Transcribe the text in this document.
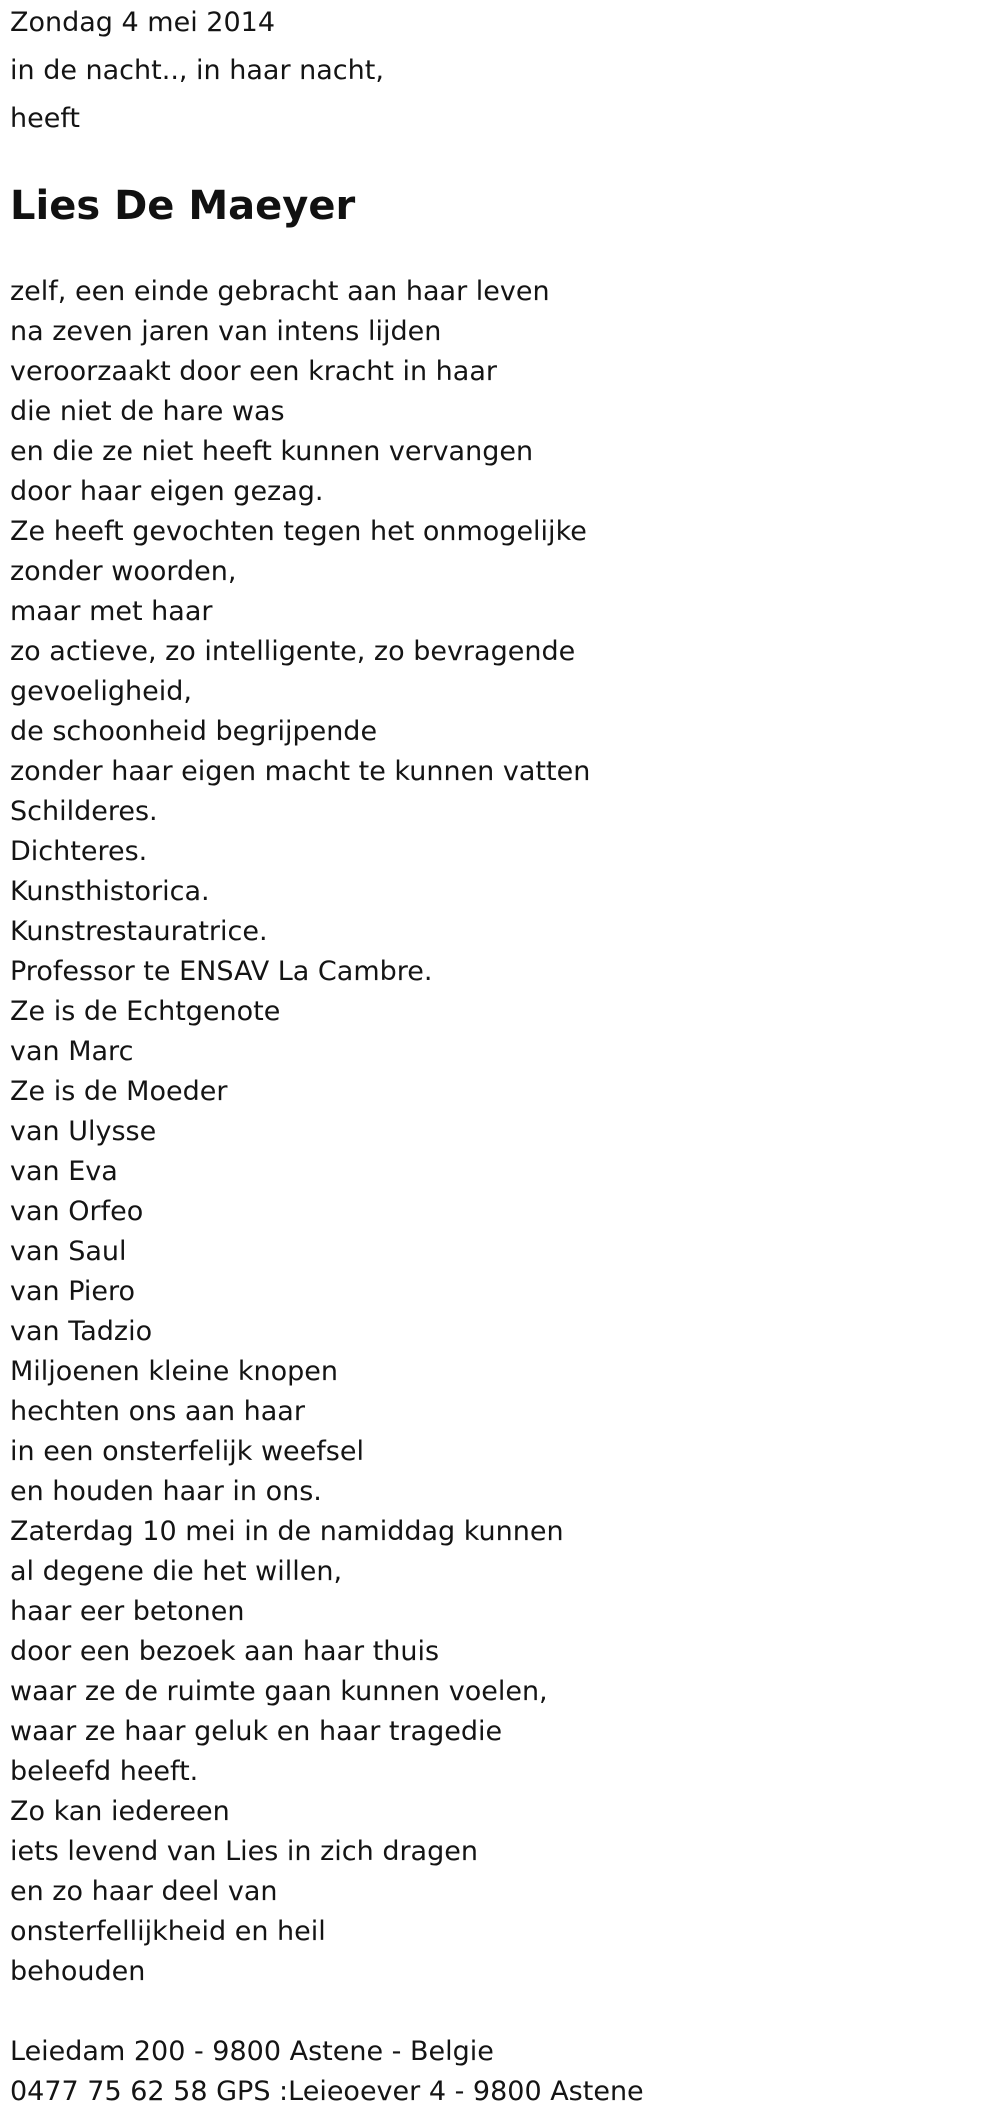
Zondag 4 mei 2014
in de nacht.., in haar nacht,
heeft
Lies De Maeyer
zelf, een einde gebracht aan haar leven
na zeven jaren van intens lijden
veroorzaakt door een kracht in haar
die niet de hare was
en die ze niet heeft kunnen vervangen
door haar eigen gezag.
Ze heeft gevochten tegen het onmogelijke
zonder woorden,
maar met haar
zo actieve, zo intelligente, zo bevragende
gevoeligheid,
de schoonheid begrijpende
zonder haar eigen macht te kunnen vatten
Schilderes.
Dichteres.
Kunsthistorica.
Kunstrestauratrice.
Professor te ENSAV La Cambre.
Ze is de Echtgenote
van Marc
Ze is de Moeder
van Ulysse
van Eva
van Orfeo
van Saul
van Piero
van Tadzio
Miljoenen kleine knopen
hechten ons aan haar
in een onsterfelijk weefsel
en houden haar in ons.
Zaterdag 10 mei in de namiddag kunnen
al degene die het willen,
haar eer betonen
door een bezoek aan haar thuis
waar ze de ruimte gaan kunnen voelen,
waar ze haar geluk en haar tragedie
beleefd heeft.
Zo kan iedereen
iets levend van Lies in zich dragen
en zo haar deel van
onsterfellijkheid en heil
behouden
Leiedam 200 - 9800 Astene - Belgie
0477 75 62 58 GPS :Leieoever 4 - 9800 Astene
